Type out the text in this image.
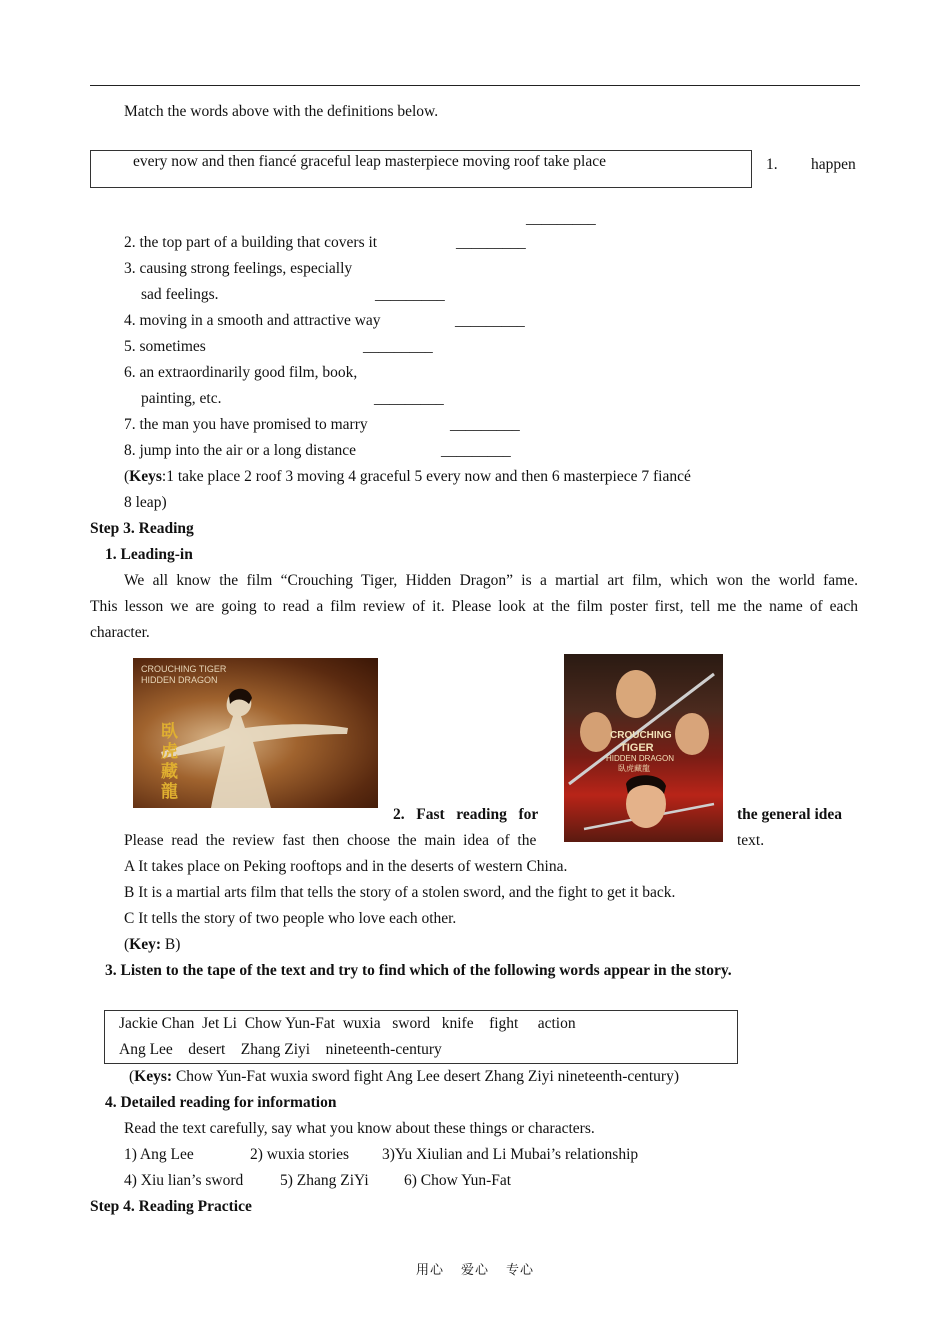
Match the words above with the definitions below.
every now and then fiancé graceful leap masterpiece moving roof take place	1. happen
_________
2. the top part of a building that covers it	_________
3. causing strong feelings, especially
sad feelings.	_________
4. moving in a smooth and attractive way	_________
5. sometimes	_________
6. an extraordinarily good film, book,
painting, etc.	_________
7. the man you have promised to marry	_________
8. jump into the air or a long distance	_________
(Keys:1 take place 2 roof 3 moving 4 graceful 5 every now and then 6 masterpiece 7 fiancé
8 leap)
Step 3. Reading
1. Leading-in
We all know the film “Crouching Tiger, Hidden Dragon” is a martial art film, which won the world fame.
This lesson we are going to read a film review of it. Please look at the film poster first, tell me the name of each
character.
CROUCHING TIGER
HIDDEN DRAGON
臥
虎
藏
龍
CROUCHING
TIGER
HIDDEN DRAGON
臥虎藏龍
2.   Fast   reading   for	the general idea
Please  read  the  review  fast  then  choose  the  main  idea  of  the	text.
A It takes place on Peking rooftops and in the deserts of western China.
B It is a martial arts film that tells the story of a stolen sword, and the fight to get it back.
C It tells the story of two people who love each other.
(Key: B)
3. Listen to the tape of the text and try to find which of the following words appear in the story.
Jackie Chan  Jet Li  Chow Yun-Fat  wuxia   sword   knife    fight     action
Ang Lee    desert    Zhang Ziyi    nineteenth-century
(Keys: Chow Yun-Fat wuxia sword fight Ang Lee desert Zhang Ziyi nineteenth-century)
4. Detailed reading for information
Read the text carefully, say what you know about these things or characters.
1) Ang Lee	2) wuxia stories 3)Yu Xiulian and Li Mubai’s relationship
4) Xiu lian’s sword 5) Zhang ZiYi 6) Chow Yun-Fat
Step 4. Reading Practice
用心    爱心    专心
